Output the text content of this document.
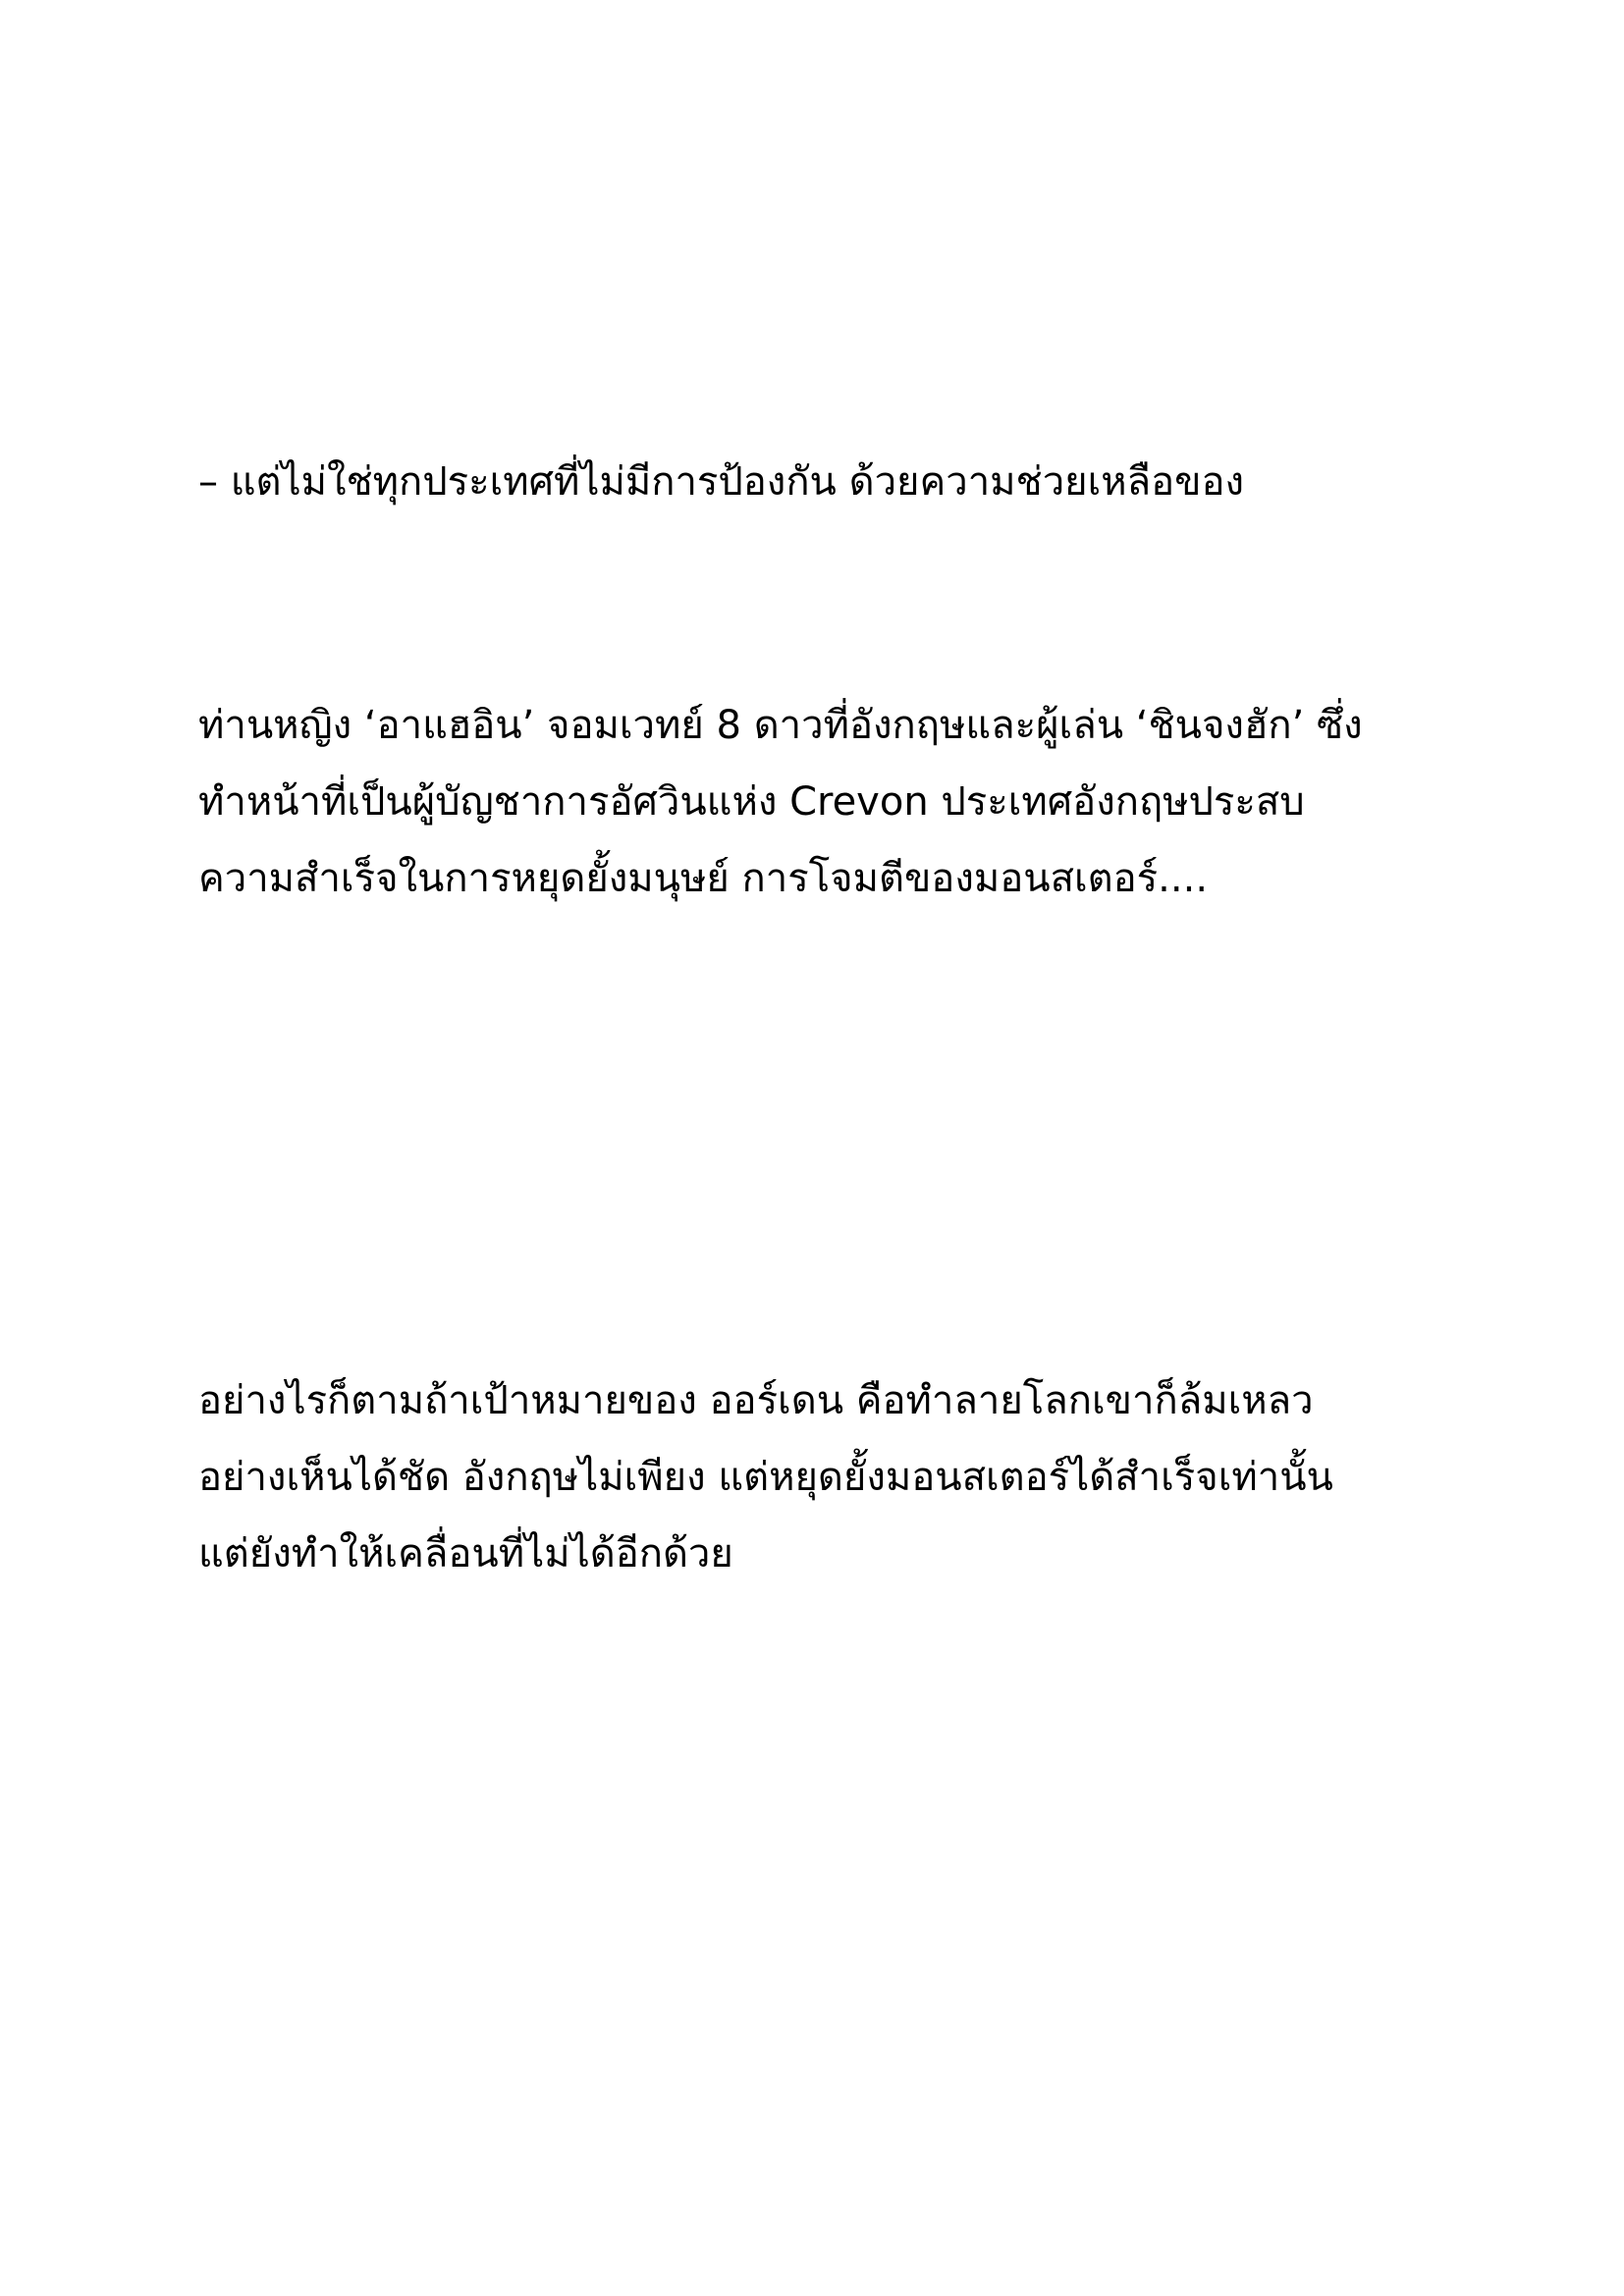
– แต่ไม่ใช่ทุกประเทศที่ไม่มีการป้องกัน ด้วยความช่วยเหลือของ

ท่านหญิง ‘อาแฮอิน’ จอมเวทย์ 8 ดาวที่อังกฤษและผู้เล่น ‘ชินจงฮัก’ ซึ่ง
ทำหน้าที่เป็นผู้บัญชาการอัศวินแห่ง Crevon ประเทศอังกฤษประสบ
ความสำเร็จในการหยุดยั้งมนุษย์ การโจมตีของมอนสเตอร์....

อย่างไรก็ตามถ้าเป้าหมายของ ออร์เดน คือทำลายโลกเขาก็ล้มเหลว
อย่างเห็นได้ชัด อังกฤษไม่เพียง แต่หยุดยั้งมอนสเตอร์ได้สำเร็จเท่านั้น
แต่ยังทำให้เคลื่อนที่ไม่ได้อีกด้วย
